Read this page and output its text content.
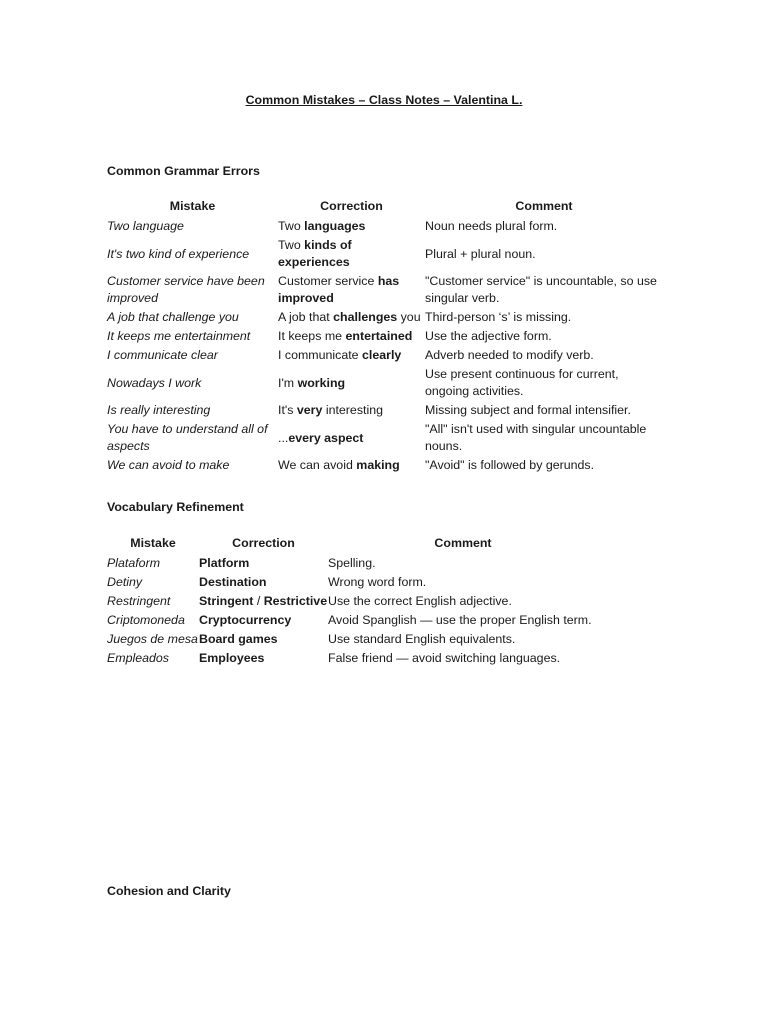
Common Mistakes – Class Notes – Valentina L.
Common Grammar Errors
Mistake	Correction	Comment
Two language	Two languages	Noun needs plural form.
It's two kind of experience	Two kinds of experiences	Plural + plural noun.
Customer service have been improved	Customer service has improved	"Customer service" is uncountable, so use singular verb.
A job that challenge you	A job that challenges you	Third-person ‘s’ is missing.
It keeps me entertainment	It keeps me entertained	Use the adjective form.
I communicate clear	I communicate clearly	Adverb needed to modify verb.
Nowadays I work	I'm working	Use present continuous for current, ongoing activities.
Is really interesting	It's very interesting	Missing subject and formal intensifier.
You have to understand all of aspects	...every aspect	"All" isn't used with singular uncountable nouns.
We can avoid to make	We can avoid making	"Avoid" is followed by gerunds.
Vocabulary Refinement
Mistake	Correction	Comment
Plataform	Platform	Spelling.
Detiny	Destination	Wrong word form.
Restringent	Stringent / Restrictive	Use the correct English adjective.
Criptomoneda	Cryptocurrency	Avoid Spanglish — use the proper English term.
Juegos de mesa	Board games	Use standard English equivalents.
Empleados	Employees	False friend — avoid switching languages.
Cohesion and Clarity
